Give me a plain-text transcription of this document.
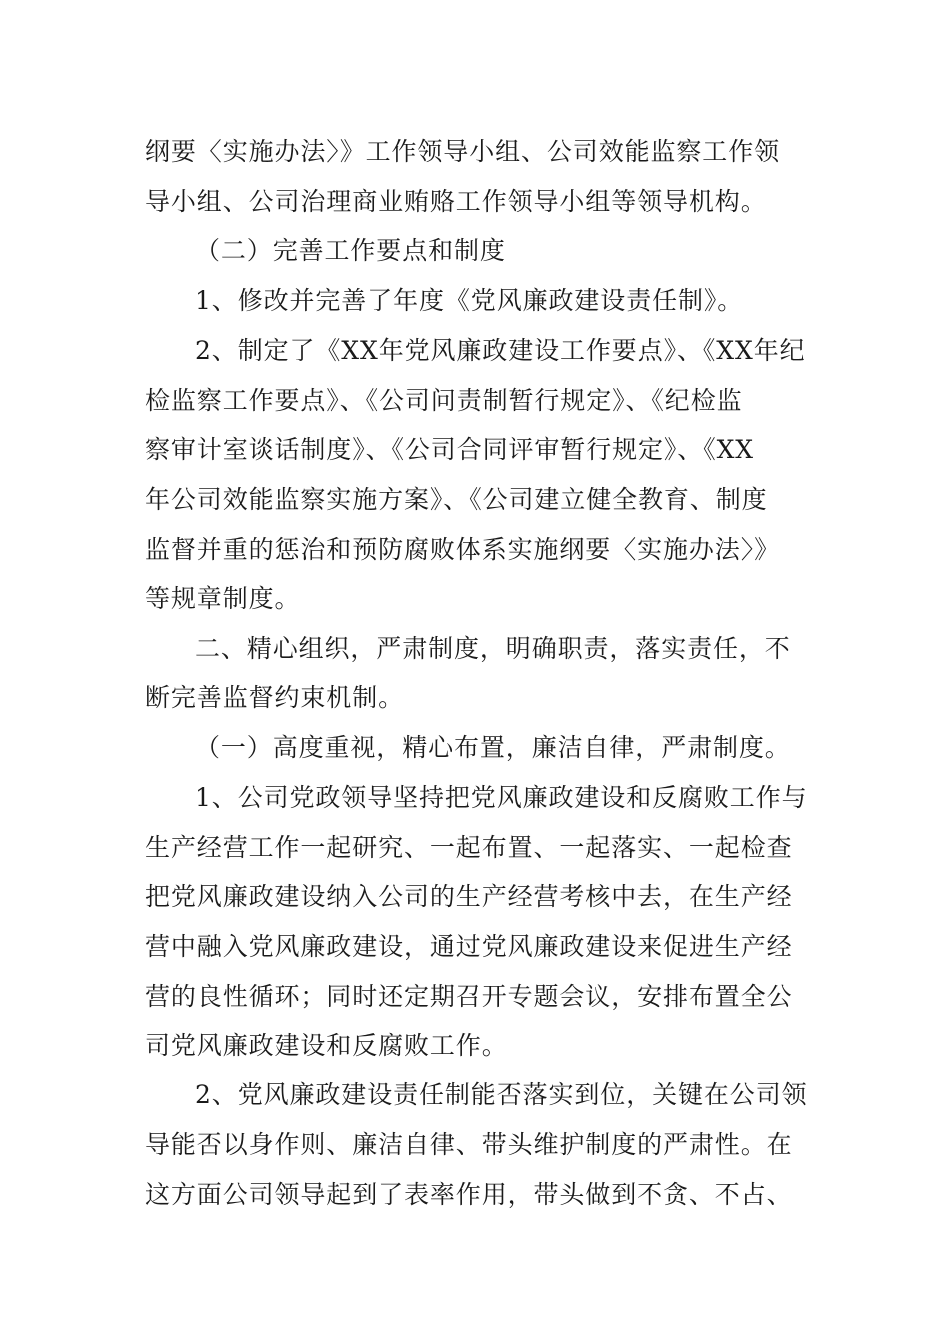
纲要〈实施办法〉》工作领导小组、公司效能监察工作领
导小组、公司治理商业贿赂工作领导小组等领导机构。
（二）完善工作要点和制度
1、修改并完善了年度《党风廉政建设责任制》。
2、制定了《XX年党风廉政建设工作要点》、《XX年纪
检监察工作要点》、《公司问责制暂行规定》、《纪检监
察审计室谈话制度》、《公司合同评审暂行规定》、《XX
年公司效能监察实施方案》、《公司建立健全教育、制度
监督并重的惩治和预防腐败体系实施纲要〈实施办法〉》
等规章制度。
二、精心组织，严肃制度，明确职责，落实责任，不
断完善监督约束机制。
（一）高度重视，精心布置，廉洁自律，严肃制度。
1、公司党政领导坚持把党风廉政建设和反腐败工作与
生产经营工作一起研究、一起布置、一起落实、一起检查
把党风廉政建设纳入公司的生产经营考核中去，在生产经
营中融入党风廉政建设，通过党风廉政建设来促进生产经
营的良性循环；同时还定期召开专题会议，安排布置全公
司党风廉政建设和反腐败工作。
2、党风廉政建设责任制能否落实到位，关键在公司领
导能否以身作则、廉洁自律、带头维护制度的严肃性。在
这方面公司领导起到了表率作用，带头做到不贪、不占、
